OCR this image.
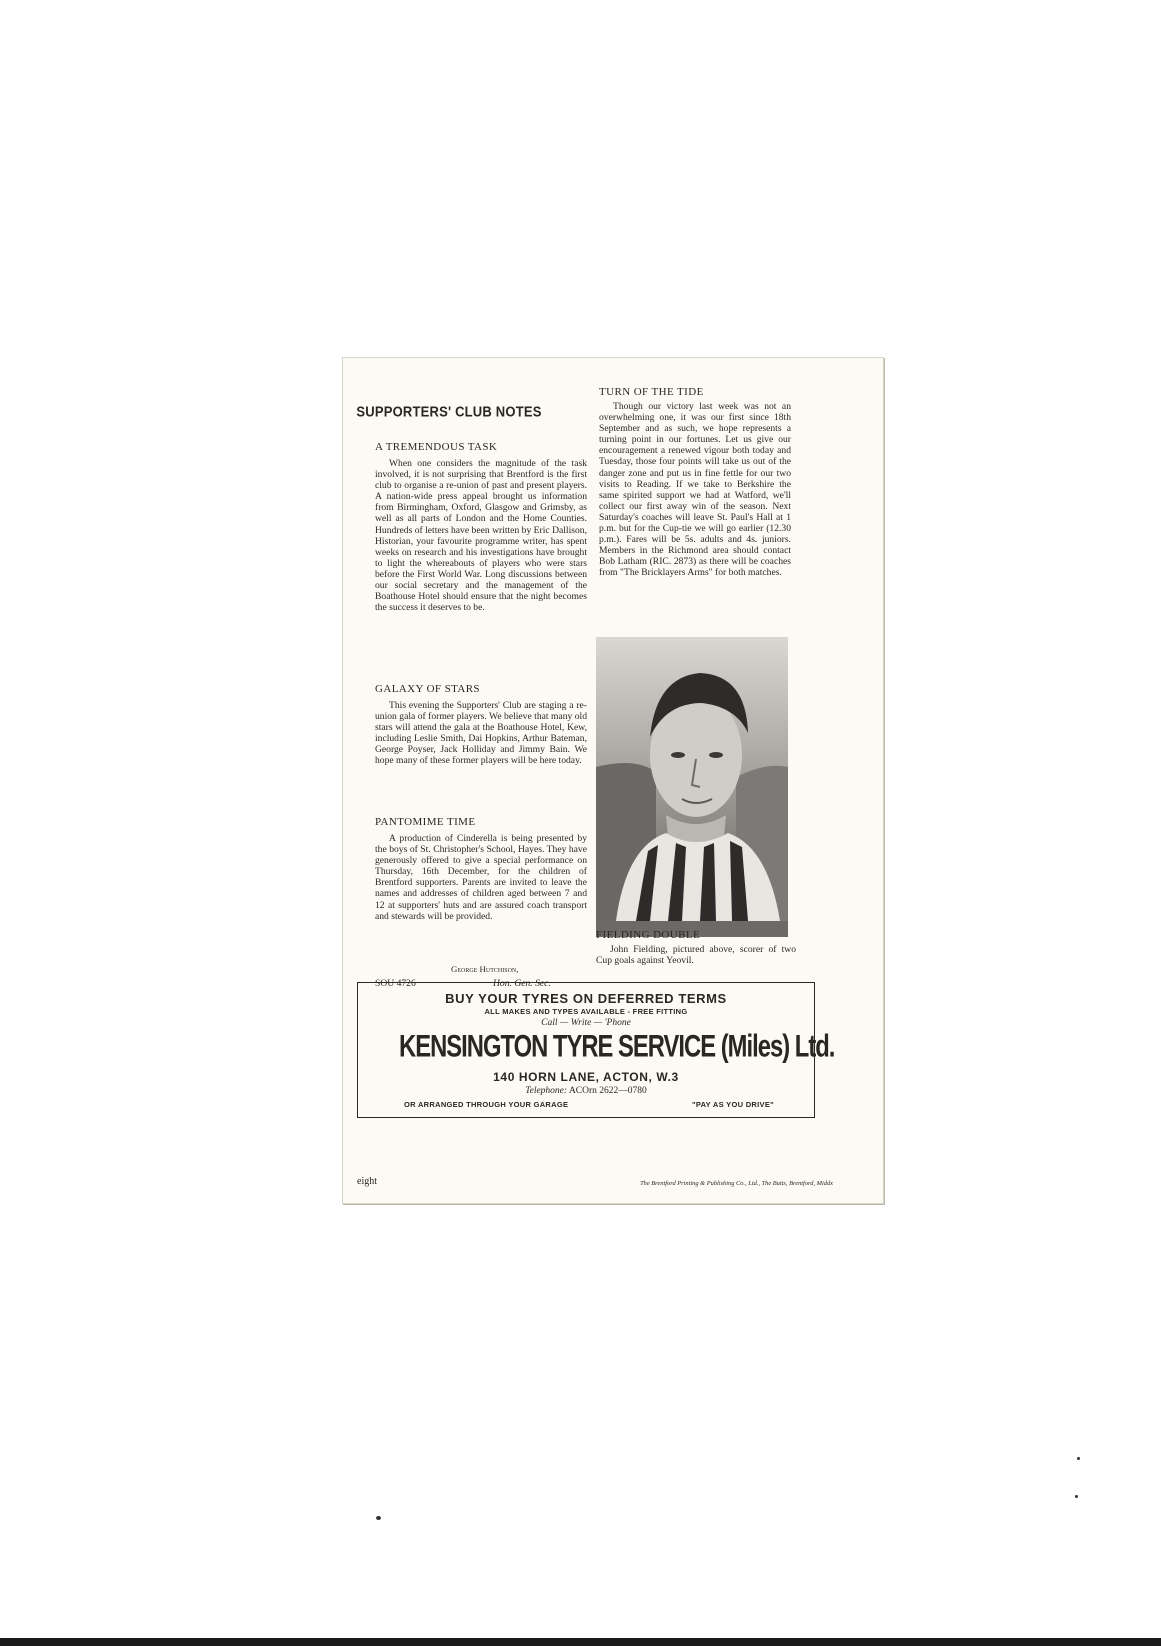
SUPPORTERS' CLUB NOTES

A TREMENDOUS TASK

When one considers the magnitude of the task involved, it is not surprising that Brentford is the first club to organise a re-union of past and present players. A nation-wide press appeal brought us information from Birmingham, Oxford, Glasgow and Grimsby, as well as all parts of London and the Home Counties. Hundreds of letters have been written by Eric Dallison, Historian, your favourite programme writer, has spent weeks on research and his investigations have brought to light the whereabouts of players who were stars before the First World War. Long discussions between our social secretary and the management of the Boathouse Hotel should ensure that the night becomes the success it deserves to be.

GALAXY OF STARS

This evening the Supporters' Club are staging a re-union gala of former players. We believe that many old stars will attend the gala at the Boathouse Hotel, Kew, including Leslie Smith, Dai Hopkins, Arthur Bateman, George Poyser, Jack Holliday and Jimmy Bain. We hope many of these former players will be here today.

PANTOMIME TIME

A production of Cinderella is being presented by the boys of St. Christopher's School, Hayes. They have generously offered to give a special performance on Thursday, 16th December, for the children of Brentford supporters. Parents are invited to leave the names and addresses of children aged between 7 and 12 at supporters' huts and are assured coach transport and stewards will be provided.

George Hutchison,
SOU 4726	Hon. Gen. Sec.

TURN OF THE TIDE

Though our victory last week was not an overwhelming one, it was our first since 18th September and as such, we hope represents a turning point in our fortunes. Let us give our encouragement a renewed vigour both today and Tuesday, those four points will take us out of the danger zone and put us in fine fettle for our two visits to Reading. If we take to Berkshire the same spirited support we had at Watford, we'll collect our first away win of the season. Next Saturday's coaches will leave St. Paul's Hall at 1 p.m. but for the Cup-tie we will go earlier (12.30 p.m.). Fares will be 5s. adults and 4s. juniors. Members in the Richmond area should contact Bob Latham (RIC. 2873) as there will be coaches from "The Bricklayers Arms" for both matches.

FIELDING DOUBLE

John Fielding, pictured above, scorer of two Cup goals against Yeovil.

BUY YOUR TYRES ON DEFERRED TERMS
ALL MAKES AND TYPES AVAILABLE - FREE FITTING
Call — Write — 'Phone
KENSINGTON TYRE SERVICE (Miles) Ltd.
140 HORN LANE, ACTON, W.3
Telephone: ACOrn 2622—0780
OR ARRANGED THROUGH YOUR GARAGE	"PAY AS YOU DRIVE"
eight	The Brentford Printing & Publishing Co., Ltd., The Butts, Brentford, Middx
